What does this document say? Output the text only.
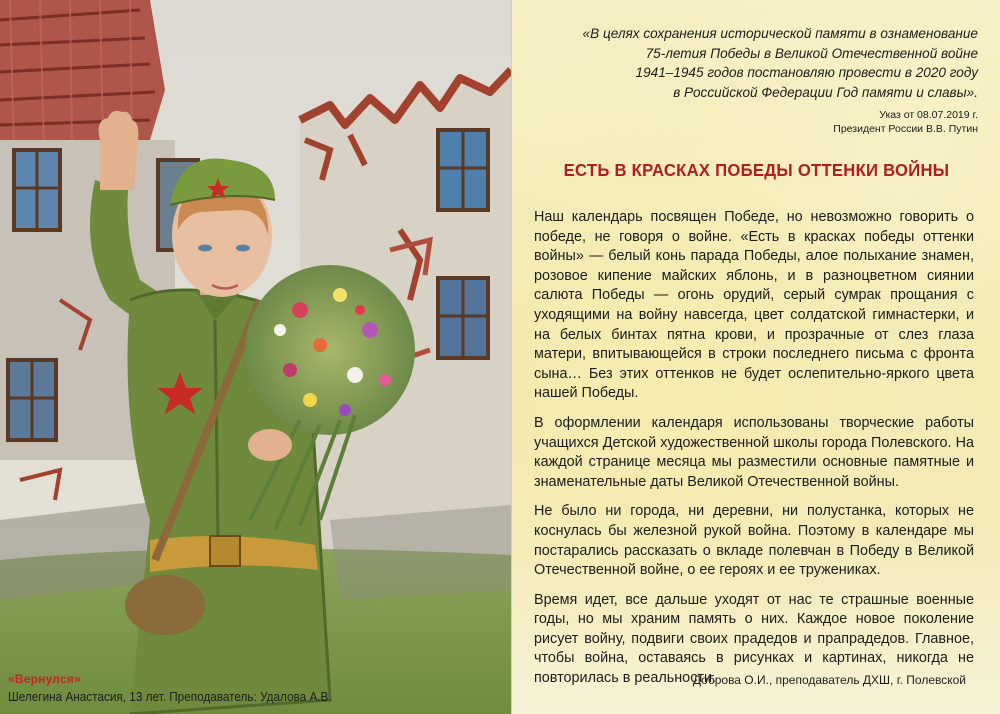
«Вернулся»
Шелегина Анастасия, 13 лет. Преподаватель: Удалова А.В.
«В целях сохранения исторической памяти в ознаменование
75-летия Победы в Великой Отечественной войне
1941–1945 годов постановляю провести в 2020 году
в Российской Федерации Год памяти и славы».
Указ от 08.07.2019 г.
Президент России В.В. Путин
ЕСТЬ В КРАСКАХ ПОБЕДЫ ОТТЕНКИ ВОЙНЫ

Наш календарь посвящен Победе, но невозможно говорить о победе, не говоря о войне. «Есть в красках победы оттенки войны» — белый конь парада Победы, алое полыхание знамен, розовое кипение майских яблонь, и в разноцветном сиянии салюта Победы — огонь орудий, серый сумрак прощания с уходящими на войну навсегда, цвет солдатской гимнастерки, и на белых бинтах пятна крови, и прозрачные от слез глаза матери, впитывающейся в строки последнего письма с фронта сына… Без этих оттенков не будет ослепительно-яркого цвета нашей Победы.

В оформлении календаря использованы творческие работы учащихся Детской художественной школы города Полевского. На каждой странице месяца мы разместили основные памятные и знаменательные даты Великой Отечественной войны.

Не было ни города, ни деревни, ни полустанка, которых не коснулась бы железной рукой война. Поэтому в календаре мы постарались рассказать о вкладе полевчан в Победу в Великой Отечественной войне, о ее героях и ее тружениках.

Время идет, все дальше уходят от нас те страшные военные годы, но мы храним память о них. Каждое новое поколение рисует войну, подвиги своих прадедов и прапрадедов. Главное, чтобы война, оставаясь в рисунках и картинах, никогда не повторилась в реальности.

Доброва О.И., преподаватель ДХШ, г. Полевской
